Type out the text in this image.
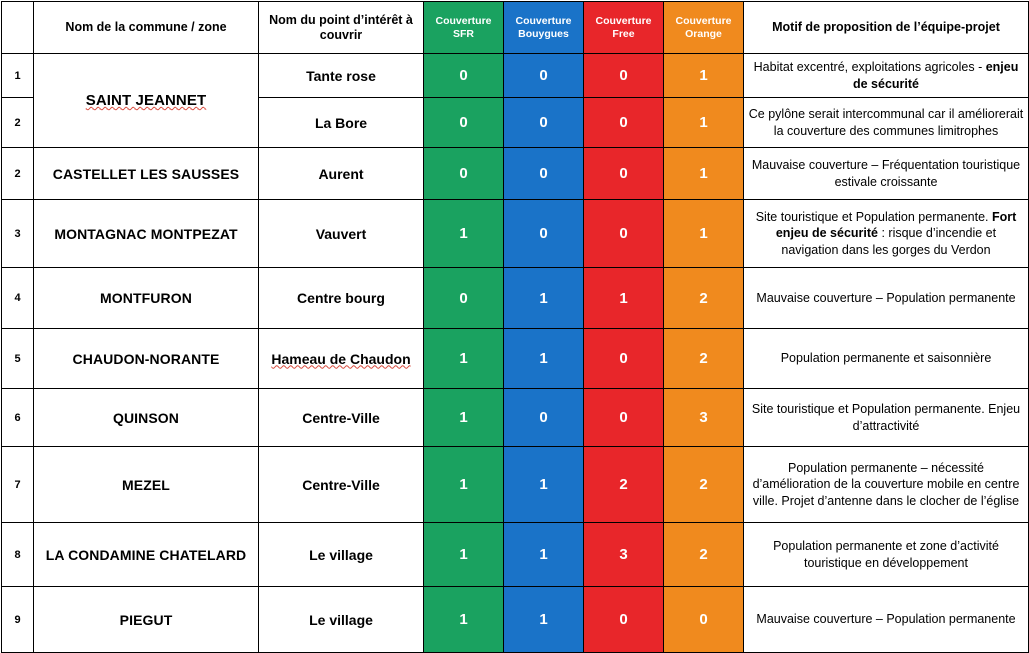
	Nom de la commune / zone	Nom du point d’intérêt à couvrir	Couverture SFR	Couverture Bouygues	Couverture Free	Couverture Orange	Motif de proposition de l’équipe-projet
1	SAINT JEANNET	Tante rose	0	0	0	1	Habitat excentré, exploitations agricoles - enjeu de sécurité
2		La Bore	0	0	0	1	Ce pylône serait intercommunal car il améliorerait la couverture des communes limitrophes
2	CASTELLET LES SAUSSES	Aurent	0	0	0	1	Mauvaise couverture – Fréquentation touristique estivale croissante
3	MONTAGNAC MONTPEZAT	Vauvert	1	0	0	1	Site touristique et Population permanente. Fort enjeu de sécurité : risque d’incendie et navigation dans les gorges du Verdon
4	MONTFURON	Centre bourg	0	1	1	2	Mauvaise couverture – Population permanente
5	CHAUDON-NORANTE	Hameau de Chaudon	1	1	0	2	Population permanente et saisonnière
6	QUINSON	Centre-Ville	1	0	0	3	Site touristique et Population permanente. Enjeu d’attractivité
7	MEZEL	Centre-Ville	1	1	2	2	Population permanente – nécessité d’amélioration de la couverture mobile en centre ville. Projet d’antenne dans le clocher de l’église
8	LA CONDAMINE CHATELARD	Le village	1	1	3	2	Population permanente et zone d’activité touristique en développement
9	PIEGUT	Le village	1	1	0	0	Mauvaise couverture – Population permanente
